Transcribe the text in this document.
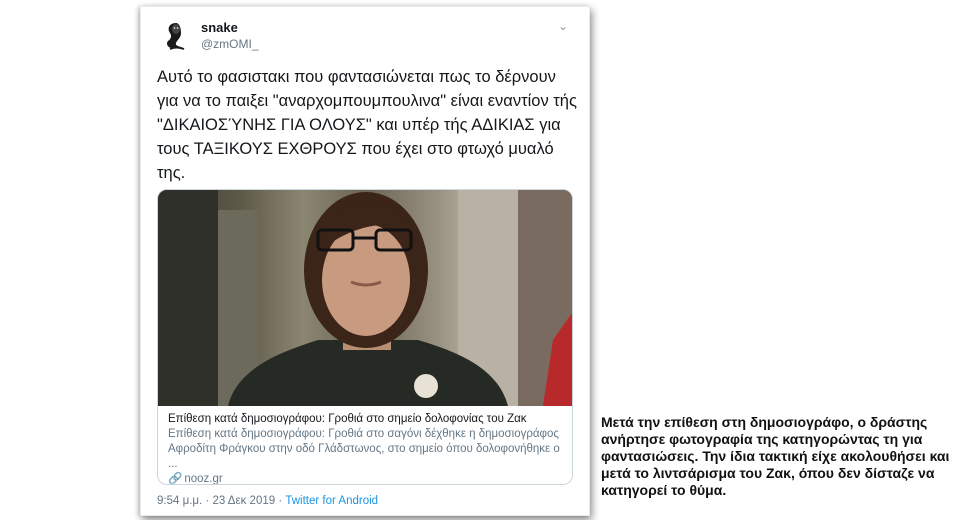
snake
@zmOMI_
⌄
Αυτό το φασιστακι που φαντασιώνεται πως το δέρνουν για να το παιξει "αναρχομπουμπουλινα" είναι εναντίον τής "ΔΙΚΑΙΟΣΎΝΗΣ ΓΙΑ ΟΛΟΥΣ" και υπέρ τής ΑΔΙΚΙΑΣ για τους ΤΑΞΙΚΟΥΣ ΕΧΘΡΟΥΣ που έχει στο φτωχό μυαλό της.
Επίθεση κατά δημοσιογράφου: Γροθιά στο σημείο δολοφονίας του Ζακ
Επίθεση κατά δημοσιογράφου: Γροθιά στο σαγόνι δέχθηκε η δημοσιογράφος Αφροδίτη Φράγκου στην οδό Γλάδστωνος, στο σημείο όπου δολοφονήθηκε ο ...
🔗 nooz.gr
9:54 μ.μ. · 23 Δεκ 2019 · Twitter for Android
Μετά την επίθεση στη δημοσιογράφο, ο δράστης ανήρτησε φωτογραφία της κατηγορώντας τη για φαντασιώσεις. Την ίδια τακτική είχε ακολουθήσει και μετά το λιντσάρισμα του Ζακ, όπου δεν δίσταζε να κατηγορεί το θύμα.
